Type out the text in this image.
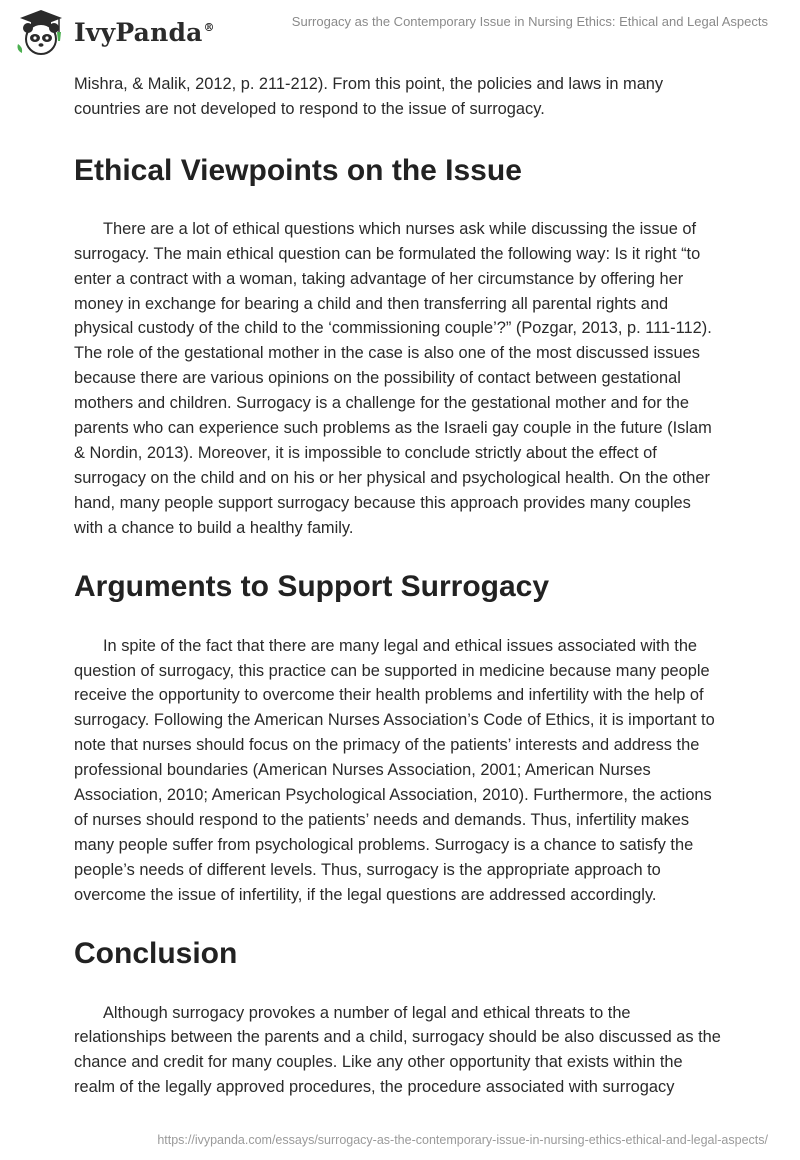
IvyPanda®	Surrogacy as the Contemporary Issue in Nursing Ethics: Ethical and Legal Aspects

Mishra, & Malik, 2012, p. 211-212). From this point, the policies and laws in many countries are not developed to respond to the issue of surrogacy.

Ethical Viewpoints on the Issue

There are a lot of ethical questions which nurses ask while discussing the issue of surrogacy. The main ethical question can be formulated the following way: Is it right “to enter a contract with a woman, taking advantage of her circumstance by offering her money in exchange for bearing a child and then transferring all parental rights and physical custody of the child to the ‘commissioning couple’?” (Pozgar, 2013, p. 111-112). The role of the gestational mother in the case is also one of the most discussed issues because there are various opinions on the possibility of contact between gestational mothers and children. Surrogacy is a challenge for the gestational mother and for the parents who can experience such problems as the Israeli gay couple in the future (Islam & Nordin, 2013). Moreover, it is impossible to conclude strictly about the effect of surrogacy on the child and on his or her physical and psychological health. On the other hand, many people support surrogacy because this approach provides many couples with a chance to build a healthy family.

Arguments to Support Surrogacy

In spite of the fact that there are many legal and ethical issues associated with the question of surrogacy, this practice can be supported in medicine because many people receive the opportunity to overcome their health problems and infertility with the help of surrogacy. Following the American Nurses Association’s Code of Ethics, it is important to note that nurses should focus on the primacy of the patients’ interests and address the professional boundaries (American Nurses Association, 2001; American Nurses Association, 2010; American Psychological Association, 2010). Furthermore, the actions of nurses should respond to the patients’ needs and demands. Thus, infertility makes many people suffer from psychological problems. Surrogacy is a chance to satisfy the people’s needs of different levels. Thus, surrogacy is the appropriate approach to overcome the issue of infertility, if the legal questions are addressed accordingly.

Conclusion

Although surrogacy provokes a number of legal and ethical threats to the relationships between the parents and a child, surrogacy should be also discussed as the chance and credit for many couples. Like any other opportunity that exists within the realm of the legally approved procedures, the procedure associated with surrogacy

https://ivypanda.com/essays/surrogacy-as-the-contemporary-issue-in-nursing-ethics-ethical-and-legal-aspects/
